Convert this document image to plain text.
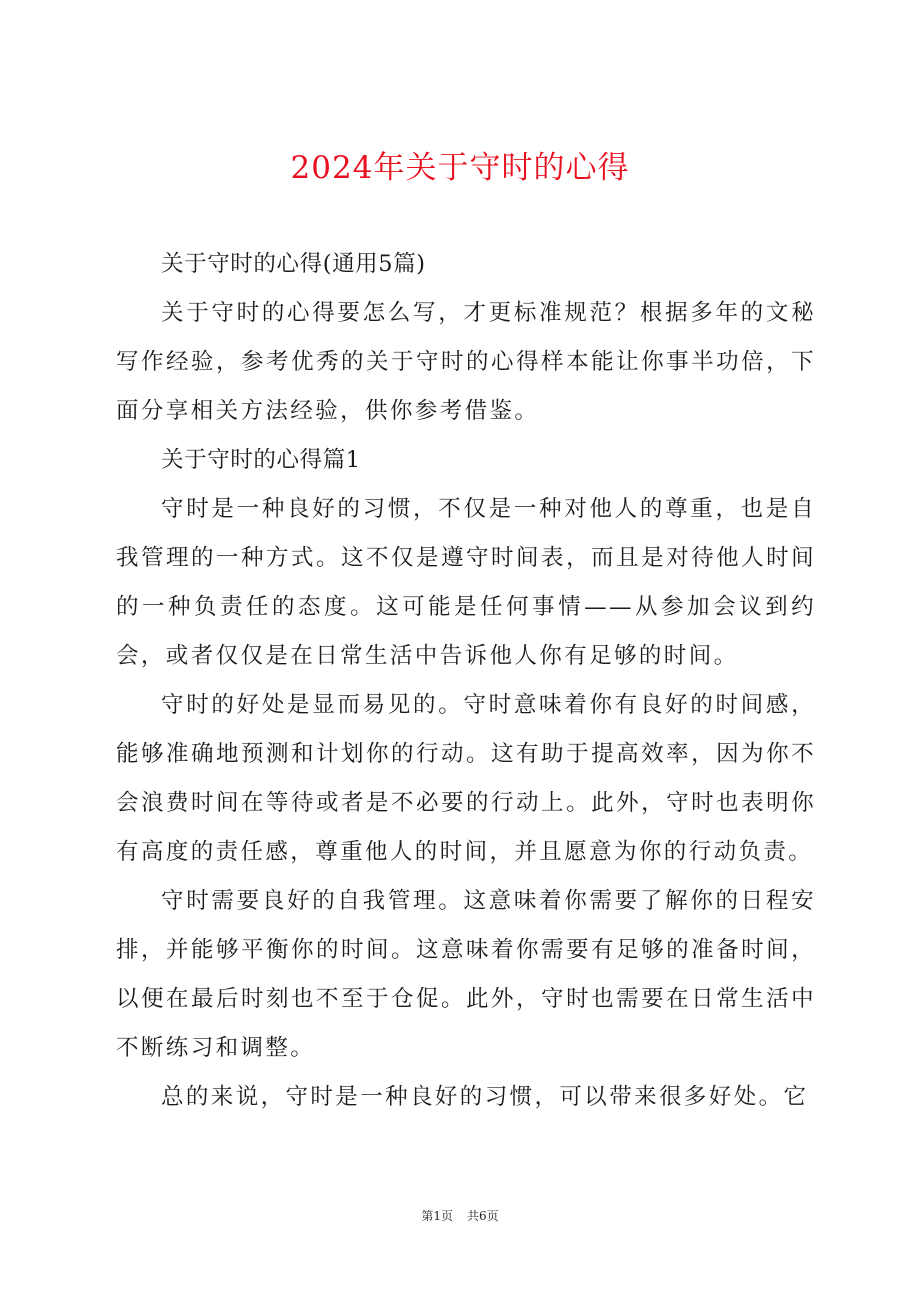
2024年关于守时的心得

关于守时的心得(通用5篇)

关于守时的心得要怎么写，才更标准规范？根据多年的文秘写作经验，参考优秀的关于守时的心得样本能让你事半功倍，下面分享相关方法经验，供你参考借鉴。

关于守时的心得篇1

守时是一种良好的习惯，不仅是一种对他人的尊重，也是自我管理的一种方式。这不仅是遵守时间表，而且是对待他人时间的一种负责任的态度。这可能是任何事情——从参加会议到约会，或者仅仅是在日常生活中告诉他人你有足够的时间。

守时的好处是显而易见的。守时意味着你有良好的时间感，能够准确地预测和计划你的行动。这有助于提高效率，因为你不会浪费时间在等待或者是不必要的行动上。此外，守时也表明你有高度的责任感，尊重他人的时间，并且愿意为你的行动负责。

守时需要良好的自我管理。这意味着你需要了解你的日程安排，并能够平衡你的时间。这意味着你需要有足够的准备时间，以便在最后时刻也不至于仓促。此外，守时也需要在日常生活中不断练习和调整。

总的来说，守时是一种良好的习惯，可以带来很多好处。它

第1页 共6页
